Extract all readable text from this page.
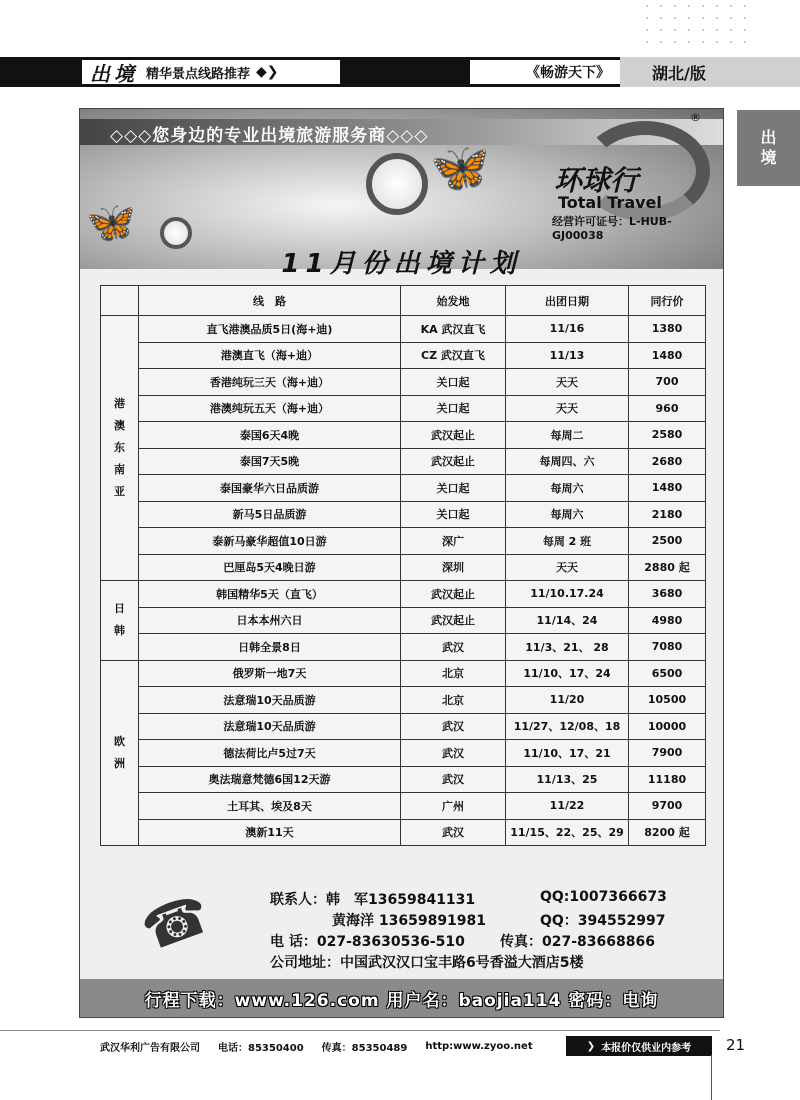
出境 精华景点线路推荐 ◆❯	《畅游天下》	湖北/版
出
境
◇◇◇您身边的专业出境旅游服务商◇◇◇
🦋
🦋
®
环球行
Total Travel
经营许可证号：L-HUB-GJ00038
11月份出境计划
	线　路	始发地	出团日期	同行价

港
澳
东
南
亚	直飞港澳品质5日(海+迪)	KA 武汉直飞	11/16	1380
	港澳直飞（海+迪）	CZ 武汉直飞	11/13	1480
	香港纯玩三天（海+迪）	关口起	天天	700
	港澳纯玩五天（海+迪）	关口起	天天	960
	泰国6天4晚	武汉起止	每周二	2580
	泰国7天5晚	武汉起止	每周四、六	2680
	泰国豪华六日品质游	关口起	每周六	1480
	新马5日品质游	关口起	每周六	2180
	泰新马豪华超值10日游	深广	每周 2 班	2500
	巴厘岛5天4晚日游	深圳	天天	2880 起

日
韩	韩国精华5天（直飞）	武汉起止	11/10.17.24	3680
	日本本州六日	武汉起止	11/14、24	4980
	日韩全景8日	武汉	11/3、21、 28	7080

欧
洲	俄罗斯一地7天	北京	11/10、17、24	6500
	法意瑞10天品质游	北京	11/20	10500
	法意瑞10天品质游	武汉	11/27、12/08、18	10000
	德法荷比卢5过7天	武汉	11/10、17、21	7900
	奥法瑞意梵德6国12天游	武汉	11/13、25	11180
	土耳其、埃及8天	广州	11/22	9700
	澳新11天	武汉	11/15、22、25、29	8200 起
☎	联系人：韩　军13659841131	QQ:1007366673
黄海洋 13659891981	QQ：394552997
电 话：027-83630536-510	传真：027-83668866
公司地址：中国武汉汉口宝丰路6号香溢大酒店5楼
行程下载：www.126.com 用户名：baojia114 密码：电询
武汉华利广告有限公司 电话：85350400 传真：85350489 http:www.zyoo.net	❯ 本报价仅供业内参考 21
